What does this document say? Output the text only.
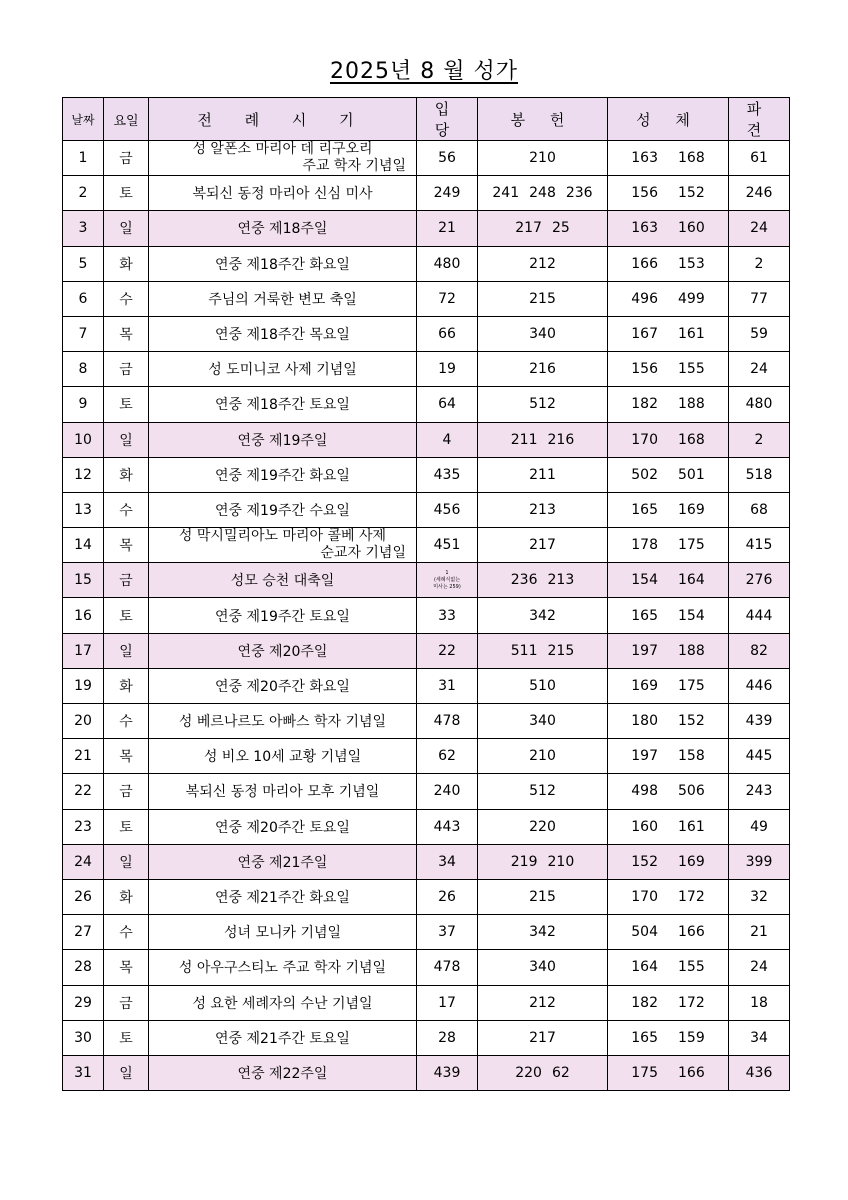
2025년 8 월 성가
날짜	요일	전 례 시 기	입 당	봉 헌	성 체	파 견
1	금	성 알폰소 마리아 데 리구오리
주교 학자 기념일	56	210	163 168	61
2	토	복되신 동정 마리아 신심 미사	249	241 248 236	156 152	246
3	일	연중 제18주일	21	217 25	163 160	24
5	화	연중 제18주간 화요일	480	212	166 153	2
6	수	주님의 거룩한 변모 축일	72	215	496 499	77
7	목	연중 제18주간 목요일	66	340	167 161	59
8	금	성 도미니코 사제 기념일	19	216	156 155	24
9	토	연중 제18주간 토요일	64	512	182 188	480
10	일	연중 제19주일	4	211 216	170 168	2
12	화	연중 제19주간 화요일	435	211	502 501	518
13	수	연중 제19주간 수요일	456	213	165 169	68
14	목	성 막시밀리아노 마리아 콜베 사제
순교자 기념일	451	217	178 175	415
15	금	성모 승천 대축일	1
(세례식없는
미사는 259)	236 213	154 164	276
16	토	연중 제19주간 토요일	33	342	165 154	444
17	일	연중 제20주일	22	511 215	197 188	82
19	화	연중 제20주간 화요일	31	510	169 175	446
20	수	성 베르나르도 아빠스 학자 기념일	478	340	180 152	439
21	목	성 비오 10세 교황 기념일	62	210	197 158	445
22	금	복되신 동정 마리아 모후 기념일	240	512	498 506	243
23	토	연중 제20주간 토요일	443	220	160 161	49
24	일	연중 제21주일	34	219 210	152 169	399
26	화	연중 제21주간 화요일	26	215	170 172	32
27	수	성녀 모니카 기념일	37	342	504 166	21
28	목	성 아우구스티노 주교 학자 기념일	478	340	164 155	24
29	금	성 요한 세례자의 수난 기념일	17	212	182 172	18
30	토	연중 제21주간 토요일	28	217	165 159	34
31	일	연중 제22주일	439	220 62	175 166	436
